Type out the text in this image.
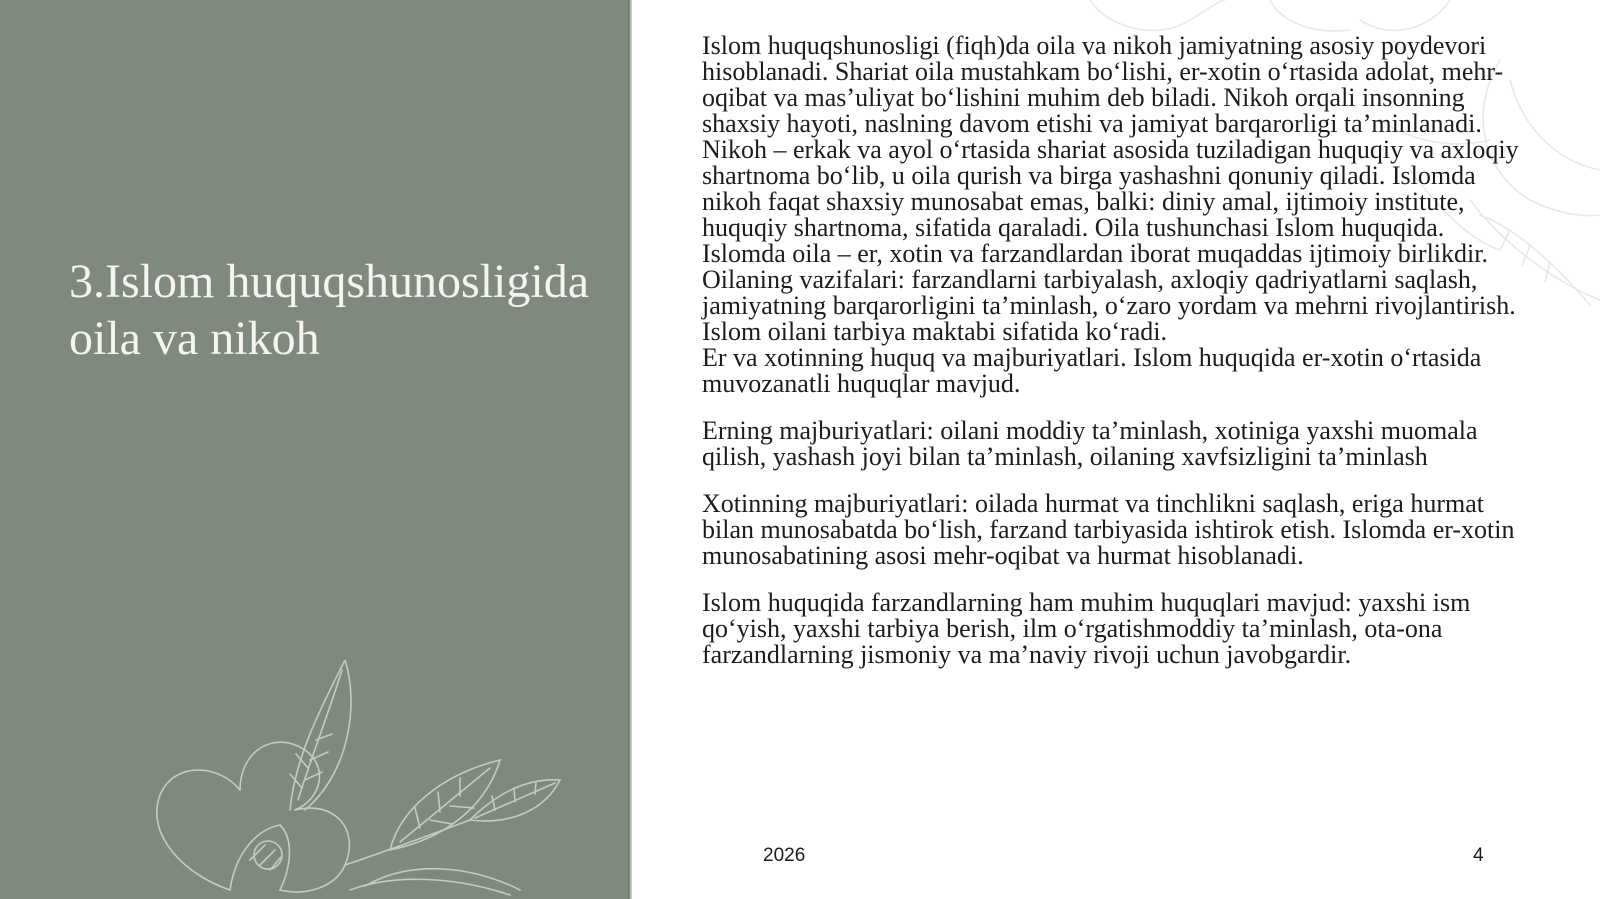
3.Islom huquqshunosligida oila va nikoh

Islom huquqshunosligi (fiqh)da oila va nikoh jamiyatning asosiy poydevori hisoblanadi. Shariat oila mustahkam bo‘lishi, er-xotin o‘rtasida adolat, mehr-oqibat va mas’uliyat bo‘lishini muhim deb biladi. Nikoh orqali insonning shaxsiy hayoti, naslning davom etishi va jamiyat barqarorligi ta’minlanadi. Nikoh – erkak va ayol o‘rtasida shariat asosida tuziladigan huquqiy va axloqiy shartnoma bo‘lib, u oila qurish va birga yashashni qonuniy qiladi. Islomda nikoh faqat shaxsiy munosabat emas, balki: diniy amal, ijtimoiy institute, huquqiy shartnoma, sifatida qaraladi. Oila tushunchasi Islom huquqida. Islomda oila – er, xotin va farzandlardan iborat muqaddas ijtimoiy birlikdir. Oilaning vazifalari: farzandlarni tarbiyalash, axloqiy qadriyatlarni saqlash, jamiyatning barqarorligini ta’minlash, o‘zaro yordam va mehrni rivojlantirish. Islom oilani tarbiya maktabi sifatida ko‘radi.

Er va xotinning huquq va majburiyatlari. Islom huquqida er-xotin o‘rtasida muvozanatli huquqlar mavjud.

Erning majburiyatlari: oilani moddiy ta’minlash, xotiniga yaxshi muomala qilish, yashash joyi bilan ta’minlash, oilaning xavfsizligini ta’minlash

Xotinning majburiyatlari: oilada hurmat va tinchlikni saqlash, eriga hurmat bilan munosabatda bo‘lish, farzand tarbiyasida ishtirok etish. Islomda er-xotin munosabatining asosi mehr-oqibat va hurmat hisoblanadi.

Islom huquqida farzandlarning ham muhim huquqlari mavjud: yaxshi ism qo‘yish, yaxshi tarbiya berish, ilm o‘rgatishmoddiy ta’minlash, ota-ona farzandlarning jismoniy va ma’naviy rivoji uchun javobgardir.

2026	4
